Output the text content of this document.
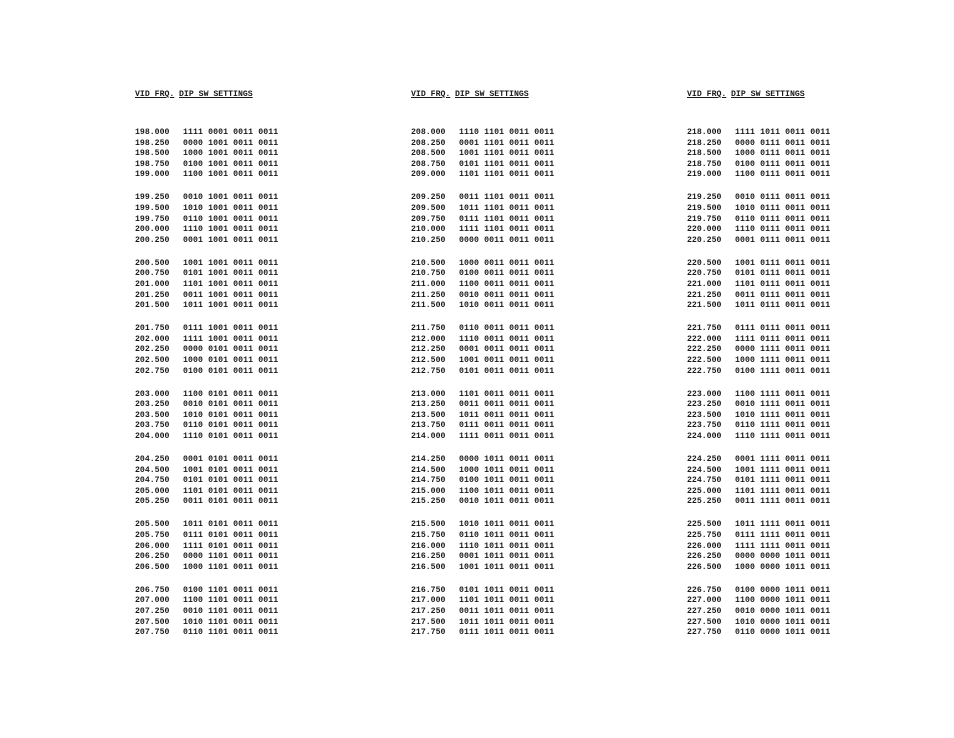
VID FRQ. DIP SW SETTINGS
198.000 1111 0001 0011 0011
198.250 0000 1001 0011 0011
198.500 1000 1001 0011 0011
198.750 0100 1001 0011 0011
199.000 1100 1001 0011 0011
199.250 0010 1001 0011 0011
199.500 1010 1001 0011 0011
199.750 0110 1001 0011 0011
200.000 1110 1001 0011 0011
200.250 0001 1001 0011 0011
200.500 1001 1001 0011 0011
200.750 0101 1001 0011 0011
201.000 1101 1001 0011 0011
201.250 0011 1001 0011 0011
201.500 1011 1001 0011 0011
201.750 0111 1001 0011 0011
202.000 1111 1001 0011 0011
202.250 0000 0101 0011 0011
202.500 1000 0101 0011 0011
202.750 0100 0101 0011 0011
203.000 1100 0101 0011 0011
203.250 0010 0101 0011 0011
203.500 1010 0101 0011 0011
203.750 0110 0101 0011 0011
204.000 1110 0101 0011 0011
204.250 0001 0101 0011 0011
204.500 1001 0101 0011 0011
204.750 0101 0101 0011 0011
205.000 1101 0101 0011 0011
205.250 0011 0101 0011 0011
205.500 1011 0101 0011 0011
205.750 0111 0101 0011 0011
206.000 1111 0101 0011 0011
206.250 0000 1101 0011 0011
206.500 1000 1101 0011 0011
206.750 0100 1101 0011 0011
207.000 1100 1101 0011 0011
207.250 0010 1101 0011 0011
207.500 1010 1101 0011 0011
207.750 0110 1101 0011 0011
VID FRQ. DIP SW SETTINGS
208.000 1110 1101 0011 0011
208.250 0001 1101 0011 0011
208.500 1001 1101 0011 0011
208.750 0101 1101 0011 0011
209.000 1101 1101 0011 0011
209.250 0011 1101 0011 0011
209.500 1011 1101 0011 0011
209.750 0111 1101 0011 0011
210.000 1111 1101 0011 0011
210.250 0000 0011 0011 0011
210.500 1000 0011 0011 0011
210.750 0100 0011 0011 0011
211.000 1100 0011 0011 0011
211.250 0010 0011 0011 0011
211.500 1010 0011 0011 0011
211.750 0110 0011 0011 0011
212.000 1110 0011 0011 0011
212.250 0001 0011 0011 0011
212.500 1001 0011 0011 0011
212.750 0101 0011 0011 0011
213.000 1101 0011 0011 0011
213.250 0011 0011 0011 0011
213.500 1011 0011 0011 0011
213.750 0111 0011 0011 0011
214.000 1111 0011 0011 0011
214.250 0000 1011 0011 0011
214.500 1000 1011 0011 0011
214.750 0100 1011 0011 0011
215.000 1100 1011 0011 0011
215.250 0010 1011 0011 0011
215.500 1010 1011 0011 0011
215.750 0110 1011 0011 0011
216.000 1110 1011 0011 0011
216.250 0001 1011 0011 0011
216.500 1001 1011 0011 0011
216.750 0101 1011 0011 0011
217.000 1101 1011 0011 0011
217.250 0011 1011 0011 0011
217.500 1011 1011 0011 0011
217.750 0111 1011 0011 0011
VID FRQ. DIP SW SETTINGS
218.000 1111 1011 0011 0011
218.250 0000 0111 0011 0011
218.500 1000 0111 0011 0011
218.750 0100 0111 0011 0011
219.000 1100 0111 0011 0011
219.250 0010 0111 0011 0011
219.500 1010 0111 0011 0011
219.750 0110 0111 0011 0011
220.000 1110 0111 0011 0011
220.250 0001 0111 0011 0011
220.500 1001 0111 0011 0011
220.750 0101 0111 0011 0011
221.000 1101 0111 0011 0011
221.250 0011 0111 0011 0011
221.500 1011 0111 0011 0011
221.750 0111 0111 0011 0011
222.000 1111 0111 0011 0011
222.250 0000 1111 0011 0011
222.500 1000 1111 0011 0011
222.750 0100 1111 0011 0011
223.000 1100 1111 0011 0011
223.250 0010 1111 0011 0011
223.500 1010 1111 0011 0011
223.750 0110 1111 0011 0011
224.000 1110 1111 0011 0011
224.250 0001 1111 0011 0011
224.500 1001 1111 0011 0011
224.750 0101 1111 0011 0011
225.000 1101 1111 0011 0011
225.250 0011 1111 0011 0011
225.500 1011 1111 0011 0011
225.750 0111 1111 0011 0011
226.000 1111 1111 0011 0011
226.250 0000 0000 1011 0011
226.500 1000 0000 1011 0011
226.750 0100 0000 1011 0011
227.000 1100 0000 1011 0011
227.250 0010 0000 1011 0011
227.500 1010 0000 1011 0011
227.750 0110 0000 1011 0011
